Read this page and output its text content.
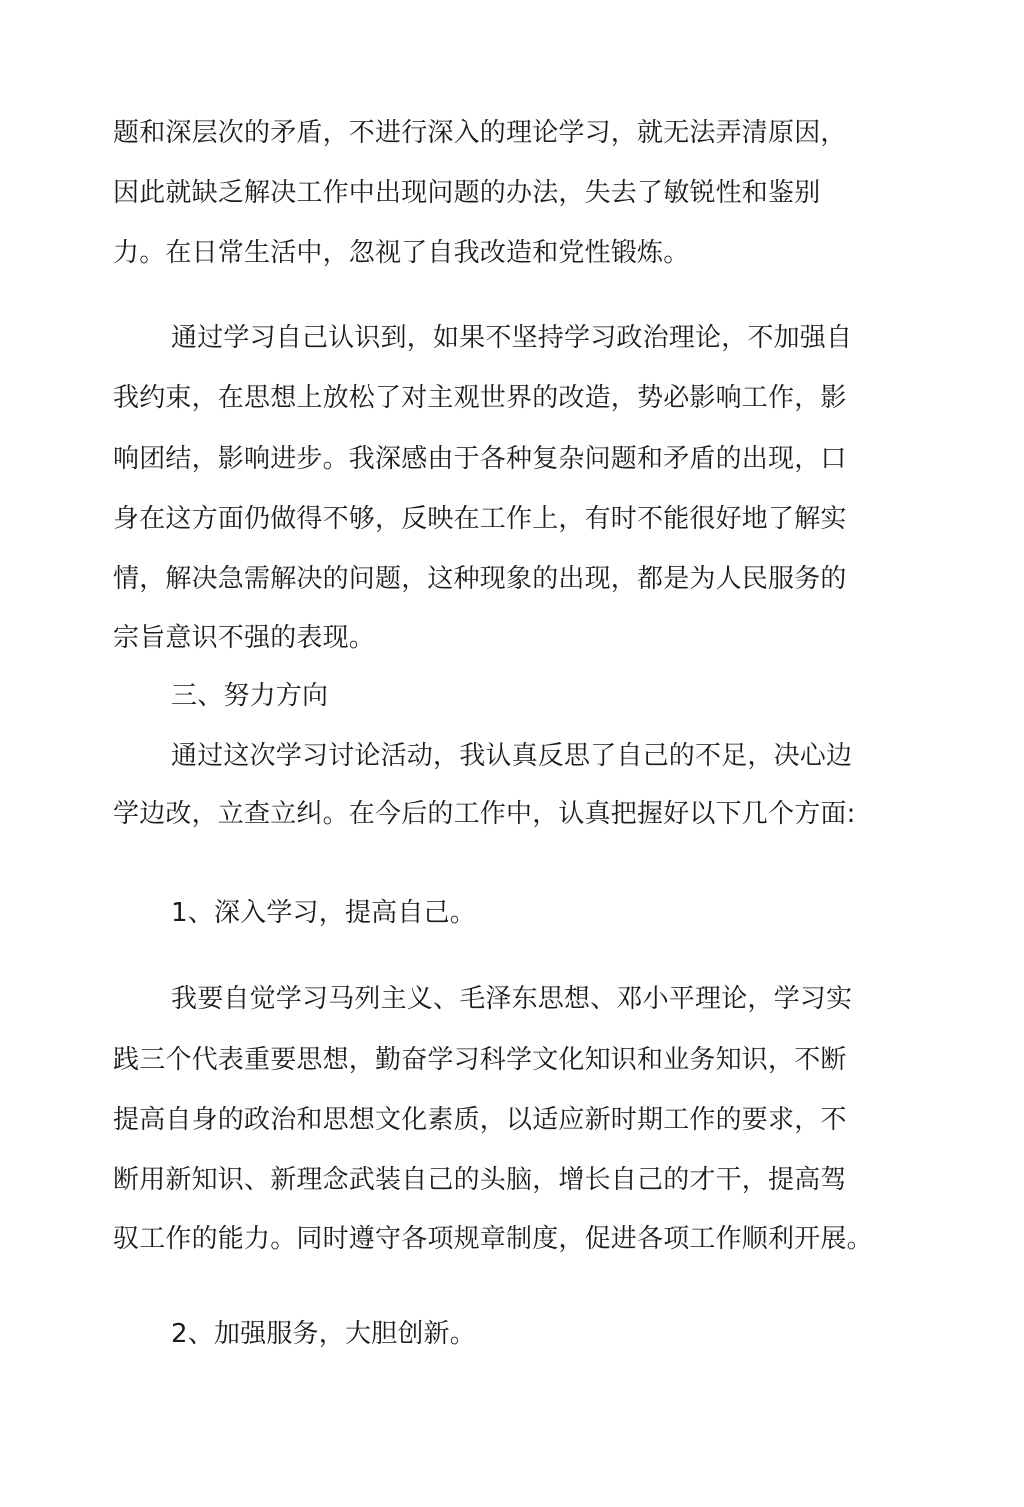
题和深层次的矛盾，不进行深入的理论学习，就无法弄清原因，
因此就缺乏解决工作中出现问题的办法，失去了敏锐性和鉴别
力。在日常生活中，忽视了自我改造和党性锻炼。
通过学习自己认识到，如果不坚持学习政治理论，不加强自
我约束，在思想上放松了对主观世界的改造，势必影响工作，影
响团结，影响进步。我深感由于各种复杂问题和矛盾的出现，口
身在这方面仍做得不够，反映在工作上，有时不能很好地了解实
情，解决急需解决的问题，这种现象的出现，都是为人民服务的
宗旨意识不强的表现。
三、努力方向
通过这次学习讨论活动，我认真反思了自己的不足，决心边
学边改，立查立纠。在今后的工作中，认真把握好以下几个方面:
1、深入学习，提高自己。
我要自觉学习马列主义、毛泽东思想、邓小平理论，学习实
践三个代表重要思想，勤奋学习科学文化知识和业务知识，不断
提高自身的政治和思想文化素质，以适应新时期工作的要求，不
断用新知识、新理念武装自己的头脑，增长自己的才干，提高驾
驭工作的能力。同时遵守各项规章制度，促进各项工作顺利开展。
2、加强服务，大胆创新。
